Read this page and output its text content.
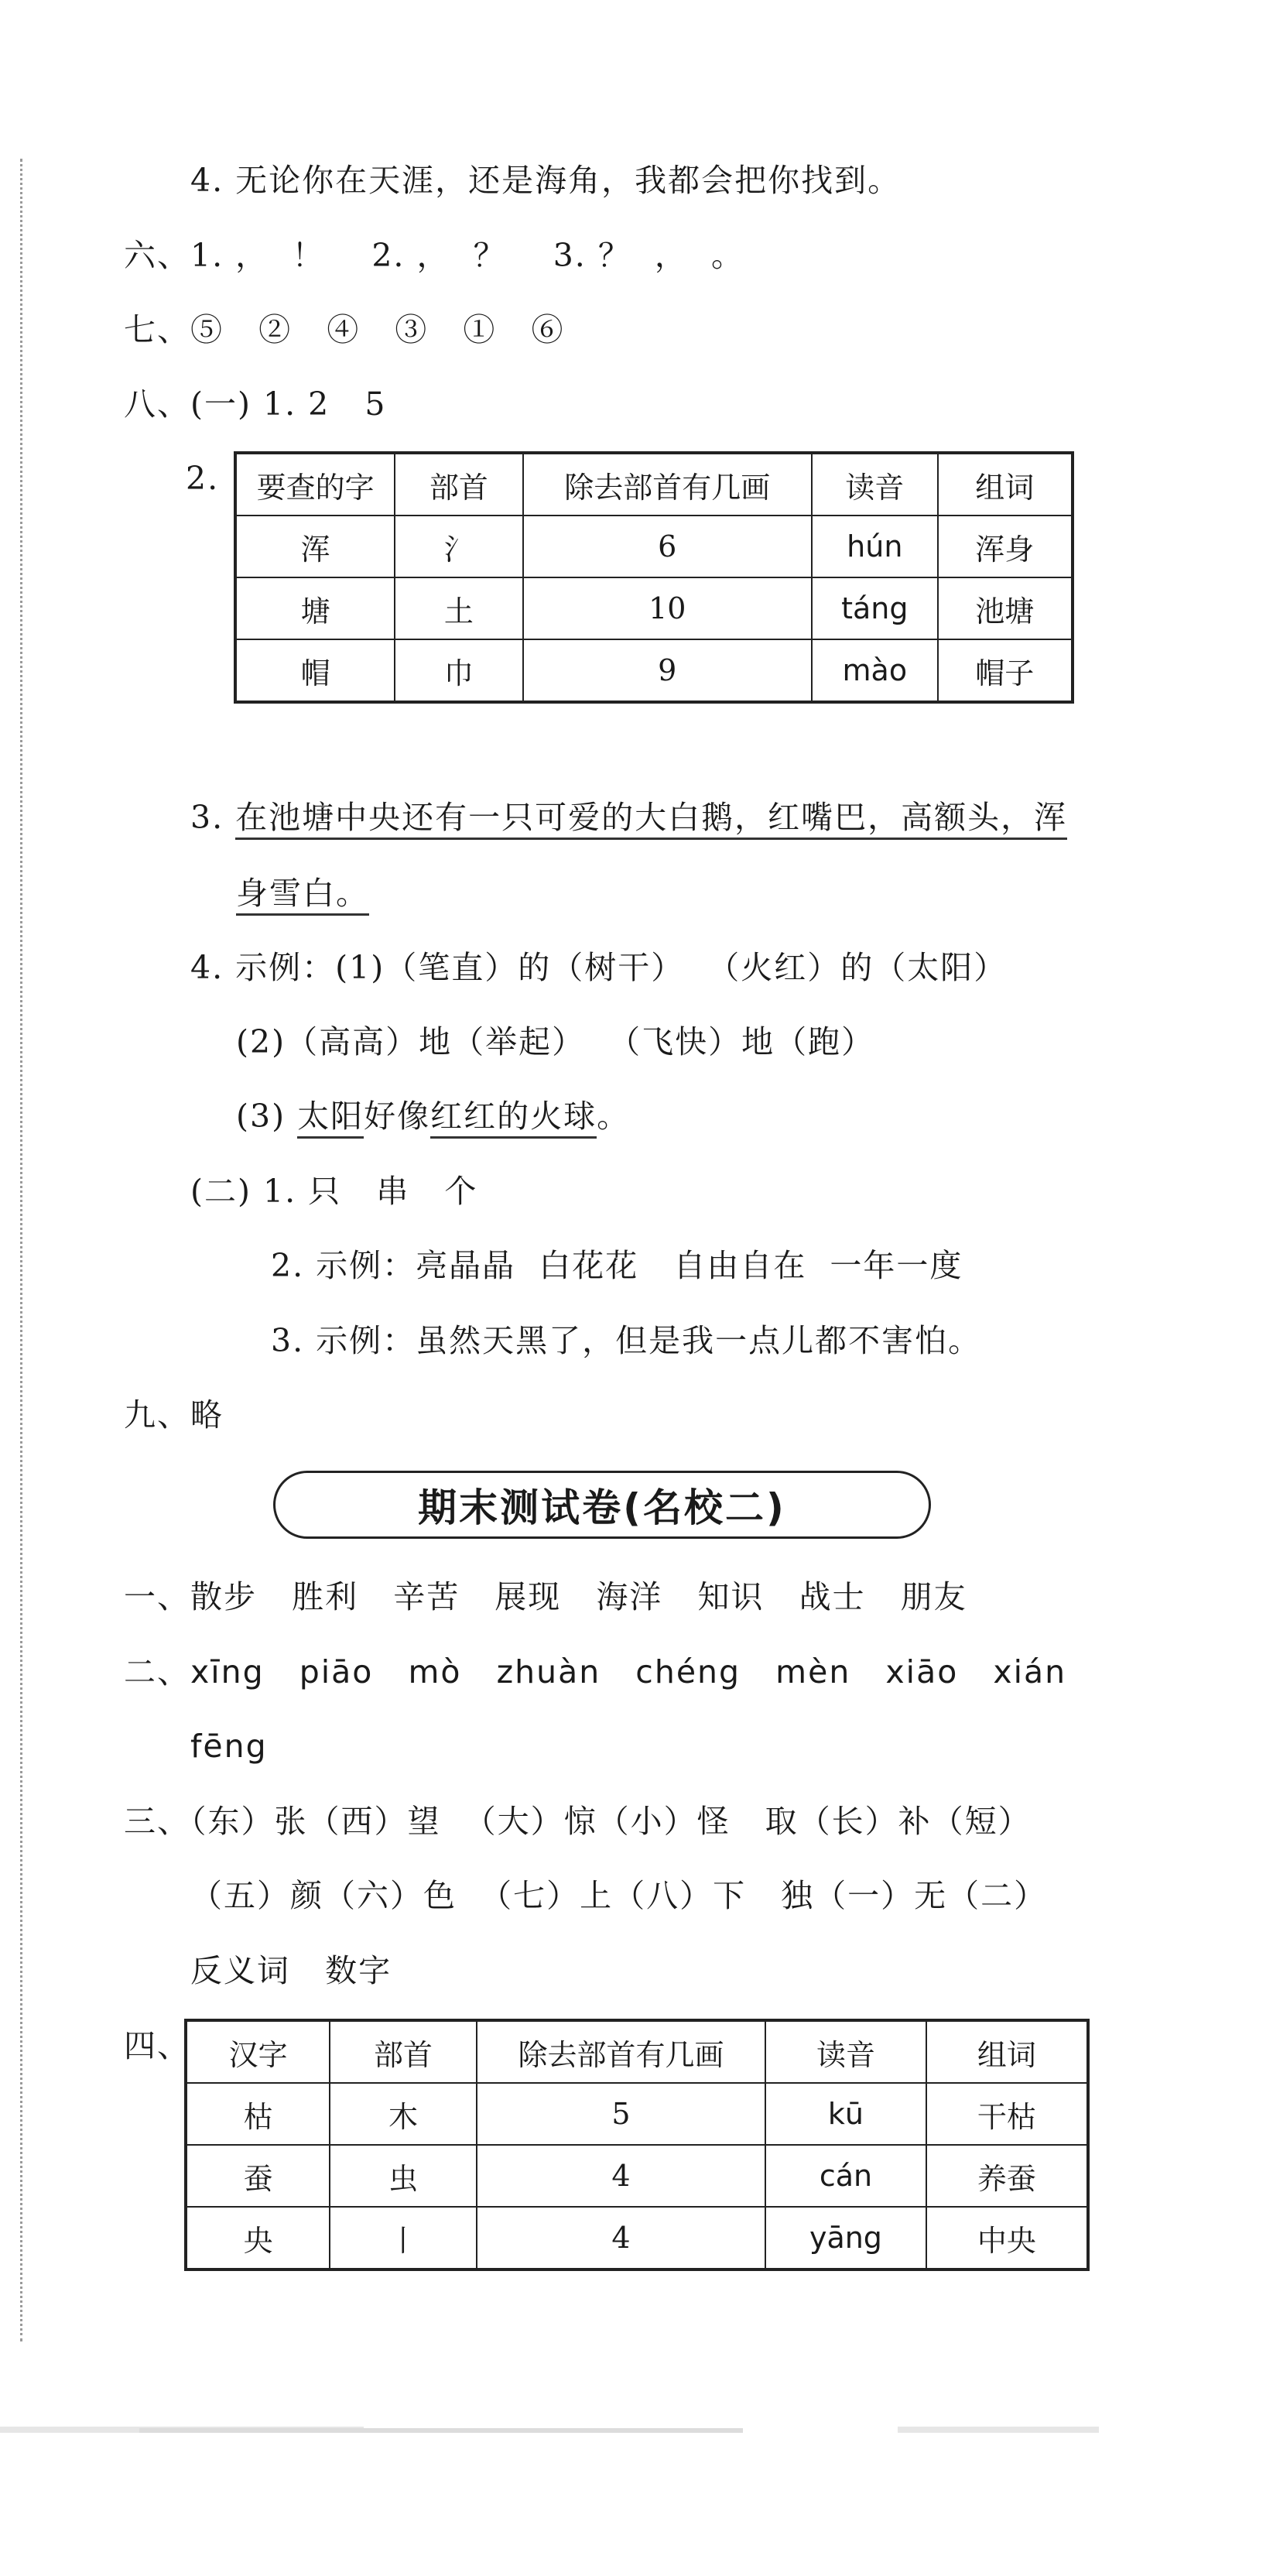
4. 无论你在天涯，还是海角，我都会把你找到。
六、1. ，  ！    2. ，  ？    3. ？  ，  。
七、⑤   ②   ④   ③   ①   ⑥
八、(一) 1. 2   5
2. 要查的字	部首	除去部首有几画	读音	组词
浑	氵	6	hún	浑身
塘	土	10	táng	池塘
帽	巾	9	mào	帽子
3. 在池塘中央还有一只可爱的大白鹅，红嘴巴，高额头，浑
身雪白。
4. 示例：(1)（笔直）的（树干）  （火红）的（太阳）
(2)（高高）地（举起）  （飞快）地（跑）
(3) 太阳好像红红的火球。
(二) 1. 只   串   个
2. 示例：亮晶晶  白花花   自由自在  一年一度
3. 示例：虽然天黑了，但是我一点儿都不害怕。
九、略
期末测试卷(名校二)
一、散步   胜利   辛苦   展现   海洋   知识   战士   朋友
二、 xīng   piāo   mò   zhuàn   chéng   mèn   xiāo   xián
fēng
三、（东）张（西）望  （大）惊（小）怪   取（长）补（短）
（五）颜（六）色  （七）上（八）下   独（一）无（二）
反义词   数字
四、 汉字	部首	除去部首有几画	读音	组词
枯	木	5	kū	干枯
蚕	虫	4	cán	养蚕
央	丨	4	yāng	中央
